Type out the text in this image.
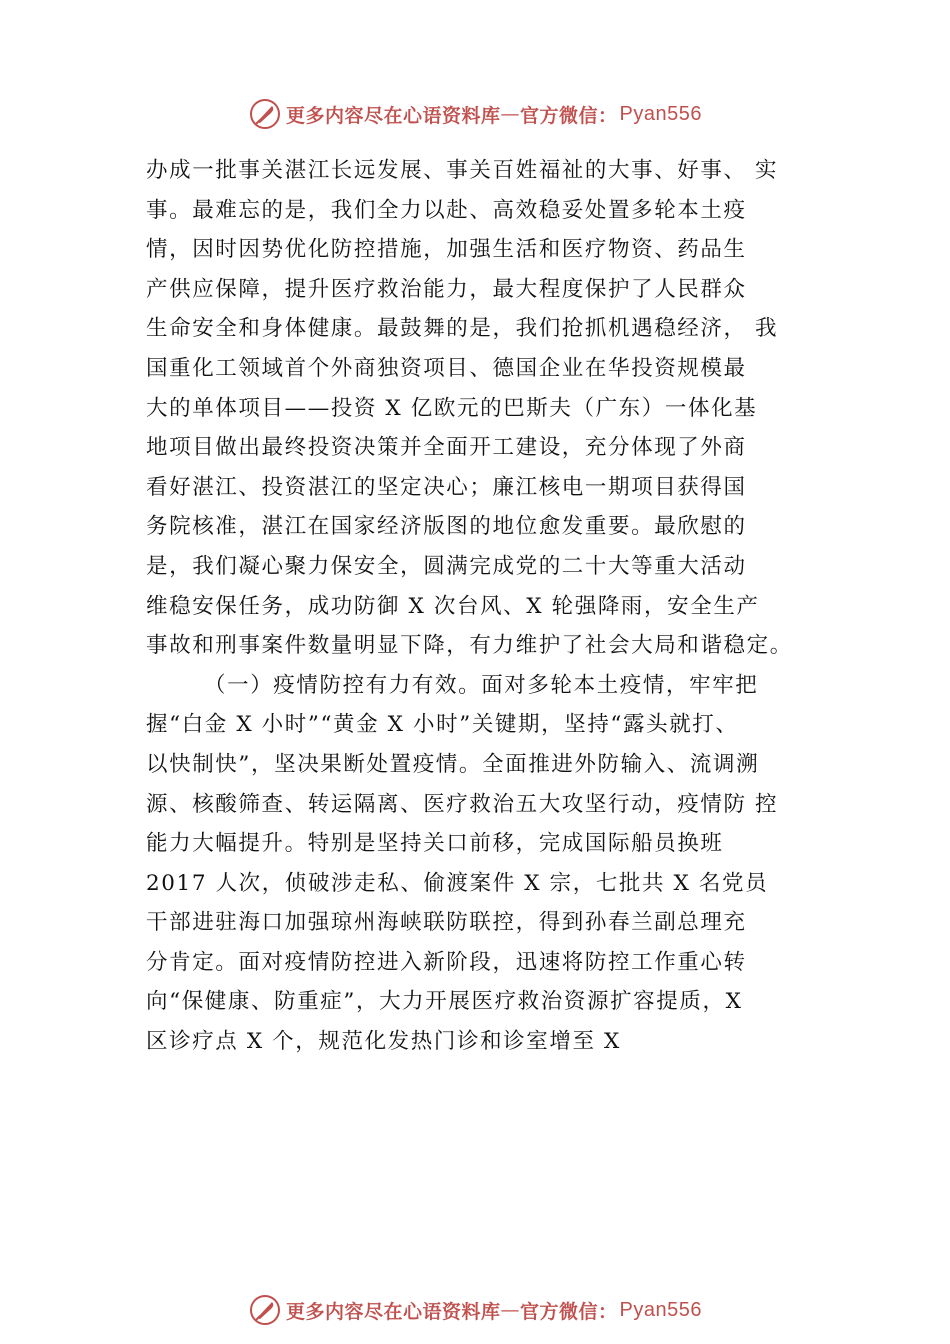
更多内容尽在心语资料库 — 官方微信： Pyan556
办成一批事关湛江长远发展、事关百姓福祉的大事、好事、 实
事。最难忘的是，我们全力以赴、高效稳妥处置多轮本土疫
情，因时因势优化防控措施，加强生活和医疗物资、药品生
产供应保障，提升医疗救治能力，最大程度保护了人民群众
生命安全和身体健康。最鼓舞的是，我们抢抓机遇稳经济， 我
国重化工领域首个外商独资项目、德国企业在华投资规模最
大的单体项目——投资 X 亿欧元的巴斯夫（广东）一体化基
地项目做出最终投资决策并全面开工建设，充分体现了外商
看好湛江、投资湛江的坚定决心；廉江核电一期项目获得国
务院核准，湛江在国家经济版图的地位愈发重要。最欣慰的
是，我们凝心聚力保安全，圆满完成党的二十大等重大活动
维稳安保任务，成功防御 X 次台风、X 轮强降雨，安全生产
事故和刑事案件数量明显下降，有力维护了社会大局和谐稳定。
（一）疫情防控有力有效。面对多轮本土疫情，牢牢把
握“白金 X 小时”“黄金 X 小时”关键期，坚持“露头就打、
以快制快”，坚决果断处置疫情。全面推进外防输入、流调溯
源、核酸筛查、转运隔离、医疗救治五大攻坚行动，疫情防 控
能力大幅提升。特别是坚持关口前移，完成国际船员换班
2017 人次，侦破涉走私、偷渡案件 X 宗，七批共 X 名党员
干部进驻海口加强琼州海峡联防联控，得到孙春兰副总理充
分肯定。面对疫情防控进入新阶段，迅速将防控工作重心转
向“保健康、防重症”，大力开展医疗救治资源扩容提质，X
区诊疗点 X 个，规范化发热门诊和诊室增至 X
更多内容尽在心语资料库 — 官方微信： Pyan556
